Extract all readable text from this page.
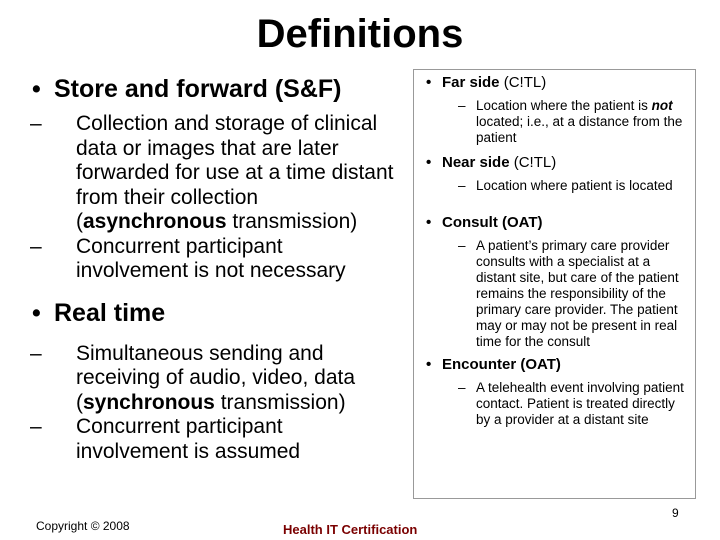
Definitions
• Store and forward (S&F)
– Collection and storage of clinical data or images that are later forwarded for use at a time distant from their collection (asynchronous transmission)
– Concurrent participant involvement is not necessary
• Real time
– Simultaneous sending and receiving of audio, video, data (synchronous transmission)
– Concurrent participant involvement is assumed
• Far side (C!TL)
– Location where the patient is not located; i.e., at a distance from the patient
• Near side (C!TL)
– Location where patient is located
• Consult (OAT)
– A patient’s primary care provider consults with a specialist at a distant site, but care of the patient remains the responsibility of the primary care provider. The patient may or may not be present in real time for the consult
• Encounter (OAT)
– A telehealth event involving patient contact. Patient is treated directly by a provider at a distant site
Copyright © 2008	Health IT Certification
9
